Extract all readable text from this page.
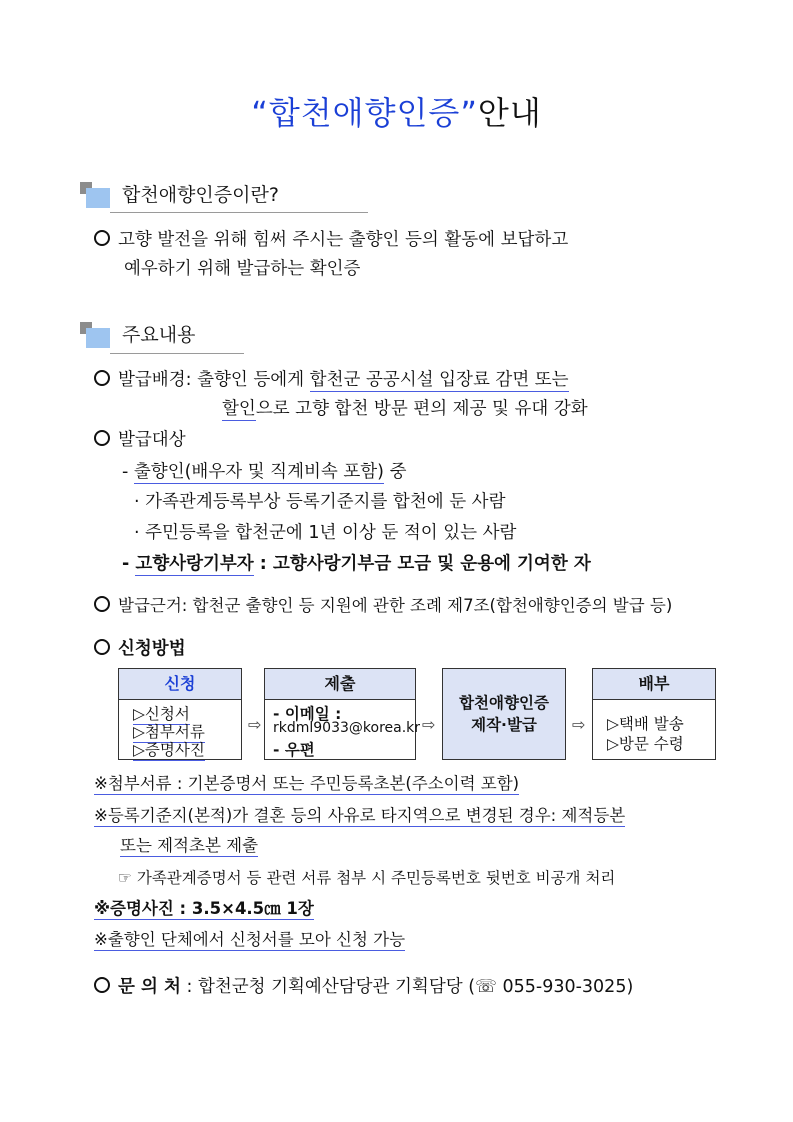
“합천애향인증”안내
합천애향인증이란?
고향 발전을 위해 힘써 주시는 출향인 등의 활동에 보답하고
예우하기 위해 발급하는 확인증
주요내용
발급배경: 출향인 등에게 합천군 공공시설 입장료 감면 또는
할인으로 고향 합천 방문 편의 제공 및 유대 강화
발급대상
- 출향인(배우자 및 직계비속 포함) 중
· 가족관계등록부상 등록기준지를 합천에 둔 사람
· 주민등록을 합천군에 1년 이상 둔 적이 있는 사람
- 고향사랑기부자 : 고향사랑기부금 모금 및 운용에 기여한 자
발급근거: 합천군 출향인 등 지원에 관한 조례 제7조(합천애향인증의 발급 등)
신청방법
신청
▷신청서
▷첨부서류
▷증명사진
⇨
제출
- 이메일 :
rkdml9033@korea.kr
- 우편
⇨
합천애향인증
제작·발급	⇨
배부
▷택배 발송
▷방문 수령
※첨부서류 : 기본증명서 또는 주민등록초본(주소이력 포함)
※등록기준지(본적)가 결혼 등의 사유로 타지역으로 변경된 경우: 제적등본
또는 제적초본 제출
☞ 가족관계증명서 등 관련 서류 첨부 시 주민등록번호 뒷번호 비공개 처리
※증명사진 : 3.5×4.5㎝ 1장
※출향인 단체에서 신청서를 모아 신청 가능
문 의 처 : 합천군청 기획예산담당관 기획담당 (☏ 055-930-3025)
